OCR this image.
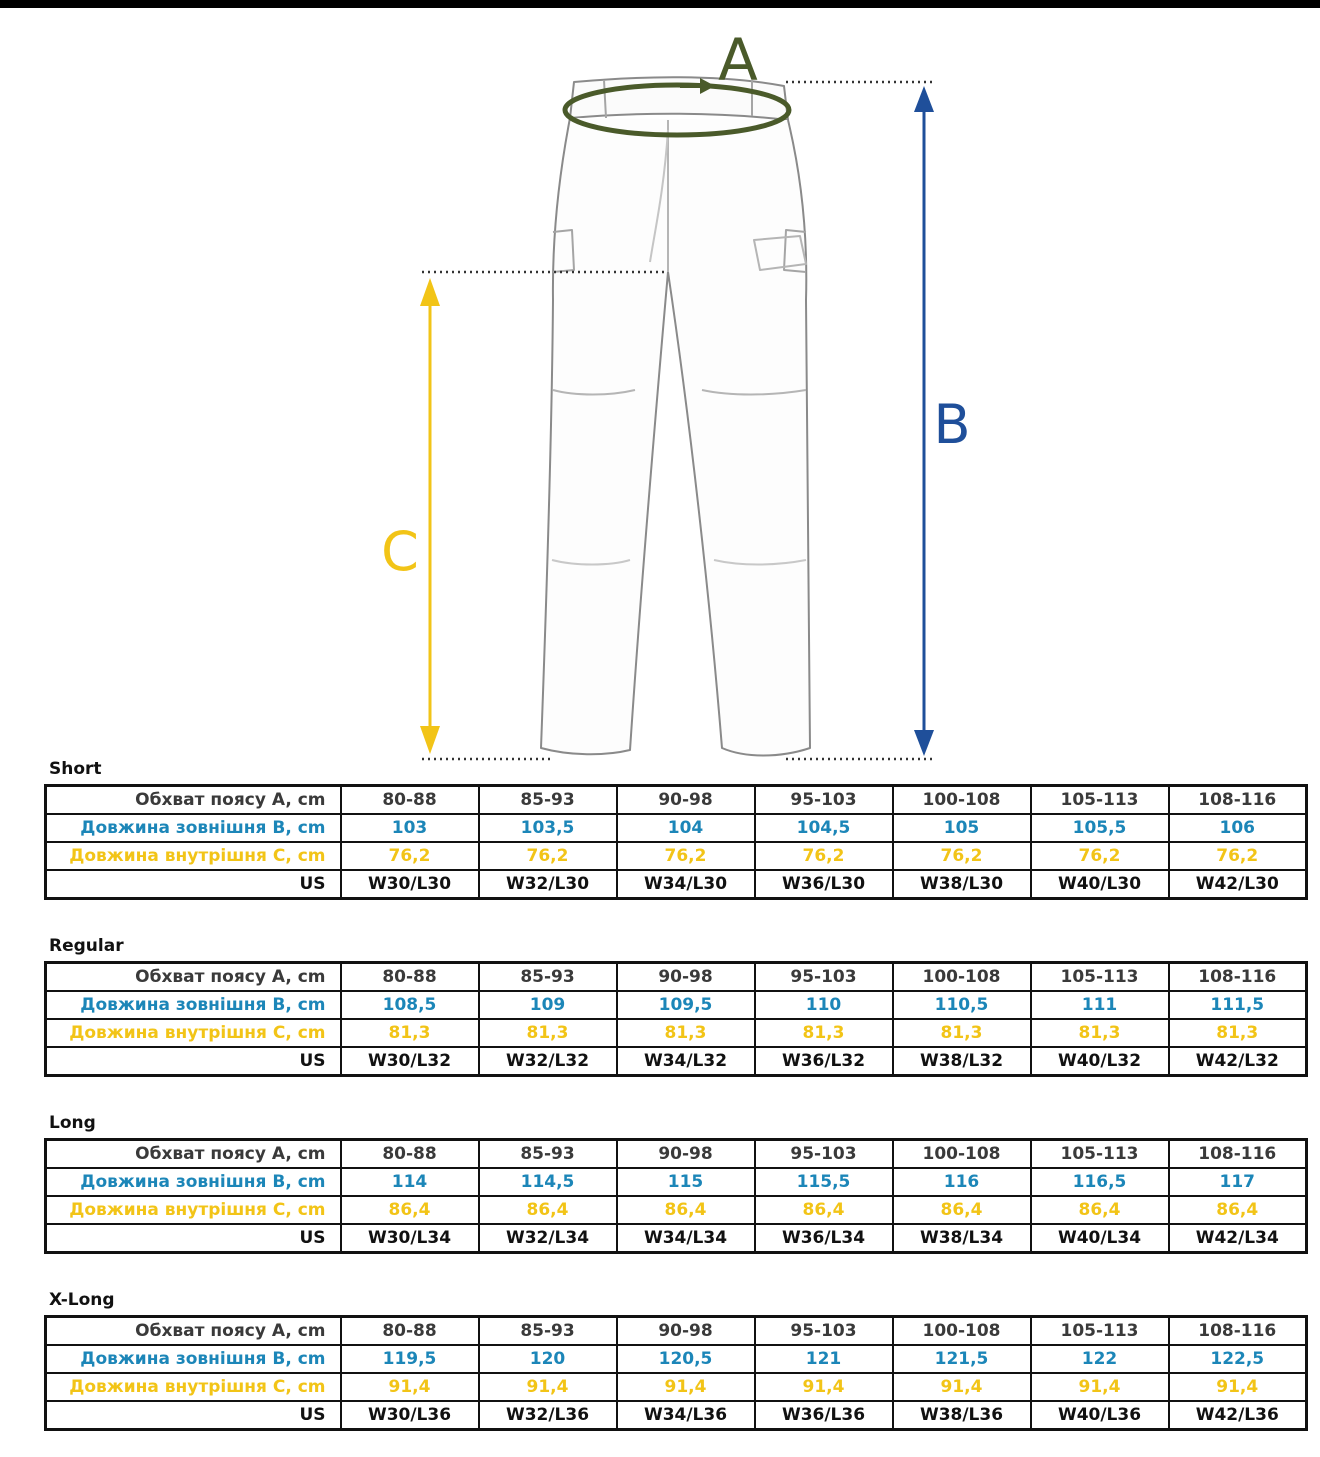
A
B
C
Short
Обхват поясу A, cm	80-88	85-93	90-98	95-103	100-108	105-113	108-116
Довжина зовнішня B, cm	103	103,5	104	104,5	105	105,5	106
Довжина внутрішня C, cm	76,2	76,2	76,2	76,2	76,2	76,2	76,2
US	W30/L30	W32/L30	W34/L30	W36/L30	W38/L30	W40/L30	W42/L30
Regular
Обхват поясу A, cm	80-88	85-93	90-98	95-103	100-108	105-113	108-116
Довжина зовнішня B, cm	108,5	109	109,5	110	110,5	111	111,5
Довжина внутрішня C, cm	81,3	81,3	81,3	81,3	81,3	81,3	81,3
US	W30/L32	W32/L32	W34/L32	W36/L32	W38/L32	W40/L32	W42/L32
Long
Обхват поясу A, cm	80-88	85-93	90-98	95-103	100-108	105-113	108-116
Довжина зовнішня B, cm	114	114,5	115	115,5	116	116,5	117
Довжина внутрішня C, cm	86,4	86,4	86,4	86,4	86,4	86,4	86,4
US	W30/L34	W32/L34	W34/L34	W36/L34	W38/L34	W40/L34	W42/L34
X-Long
Обхват поясу A, cm	80-88	85-93	90-98	95-103	100-108	105-113	108-116
Довжина зовнішня B, cm	119,5	120	120,5	121	121,5	122	122,5
Довжина внутрішня C, cm	91,4	91,4	91,4	91,4	91,4	91,4	91,4
US	W30/L36	W32/L36	W34/L36	W36/L36	W38/L36	W40/L36	W42/L36
